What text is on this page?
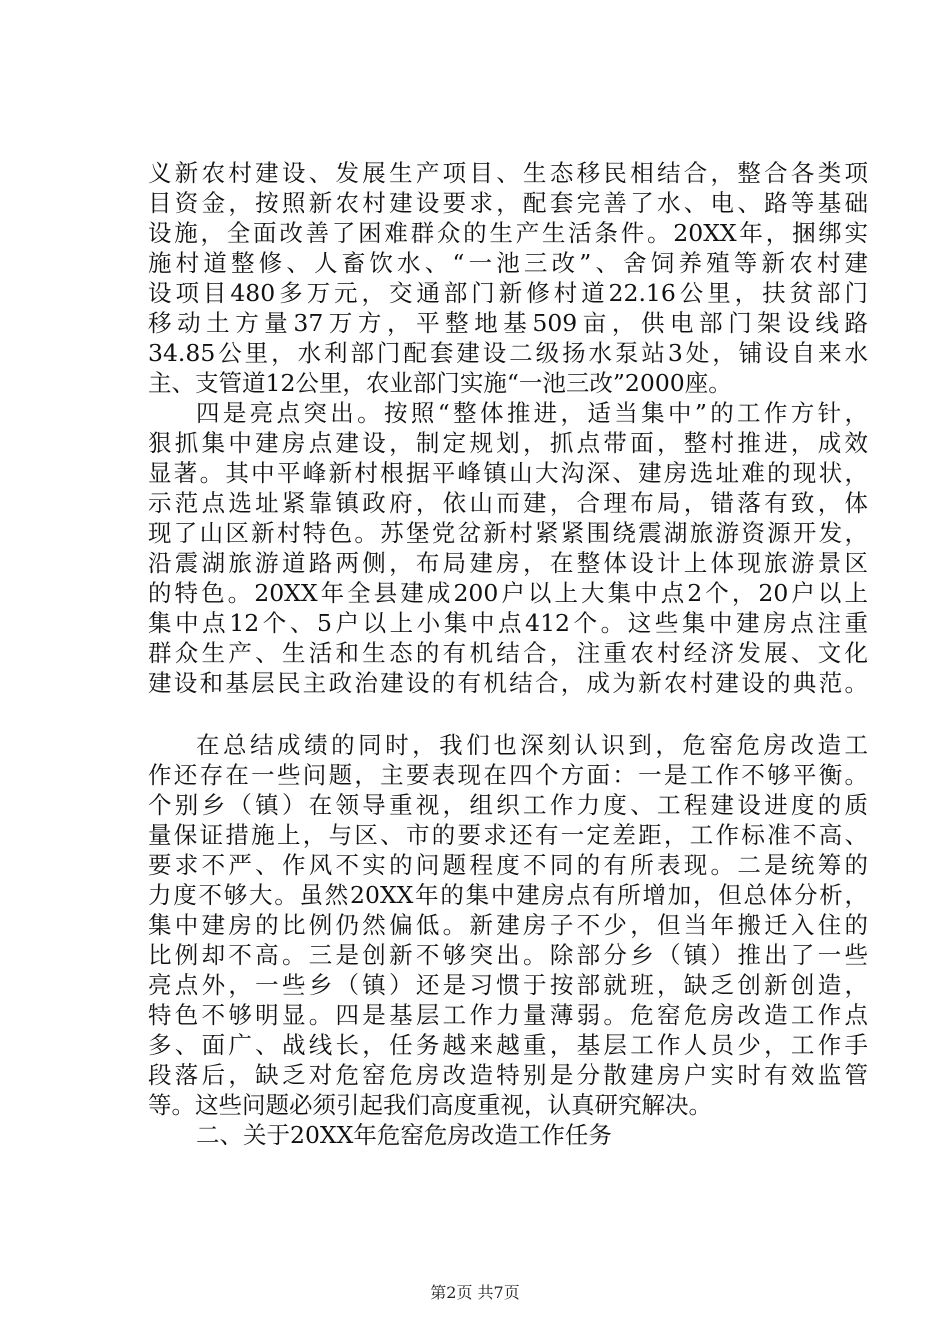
义新农村建设、发展生产项目、生态移民相结合，整合各类项
目资金，按照新农村建设要求，配套完善了水、电、路等基础
设施，全面改善了困难群众的生产生活条件。20XX年，捆绑实
施村道整修、人畜饮水、“一池三改”、舍饲养殖等新农村建
设项目480多万元，交通部门新修村道22.16公里，扶贫部门
移动土方量37万方，平整地基509亩，供电部门架设线路
34.85公里，水利部门配套建设二级扬水泵站3处，铺设自来水
主、支管道12公里，农业部门实施“一池三改”2000座。
四是亮点突出。按照“整体推进，适当集中”的工作方针，
狠抓集中建房点建设，制定规划，抓点带面，整村推进，成效
显著。其中平峰新村根据平峰镇山大沟深、建房选址难的现状，
示范点选址紧靠镇政府，依山而建，合理布局，错落有致，体
现了山区新村特色。苏堡党岔新村紧紧围绕震湖旅游资源开发，
沿震湖旅游道路两侧，布局建房，在整体设计上体现旅游景区
的特色。20XX年全县建成200户以上大集中点2个，20户以上
集中点12个、5户以上小集中点412个。这些集中建房点注重
群众生产、生活和生态的有机结合，注重农村经济发展、文化
建设和基层民主政治建设的有机结合，成为新农村建设的典范。
在总结成绩的同时，我们也深刻认识到，危窑危房改造工
作还存在一些问题，主要表现在四个方面：一是工作不够平衡。
个别乡（镇）在领导重视，组织工作力度、工程建设进度的质
量保证措施上，与区、市的要求还有一定差距，工作标准不高、
要求不严、作风不实的问题程度不同的有所表现。二是统筹的
力度不够大。虽然20XX年的集中建房点有所增加，但总体分析，
集中建房的比例仍然偏低。新建房子不少，但当年搬迁入住的
比例却不高。三是创新不够突出。除部分乡（镇）推出了一些
亮点外，一些乡（镇）还是习惯于按部就班，缺乏创新创造，
特色不够明显。四是基层工作力量薄弱。危窑危房改造工作点
多、面广、战线长，任务越来越重，基层工作人员少，工作手
段落后，缺乏对危窑危房改造特别是分散建房户实时有效监管
等。这些问题必须引起我们高度重视，认真研究解决。
二、关于20XX年危窑危房改造工作任务
第2页 共7页
